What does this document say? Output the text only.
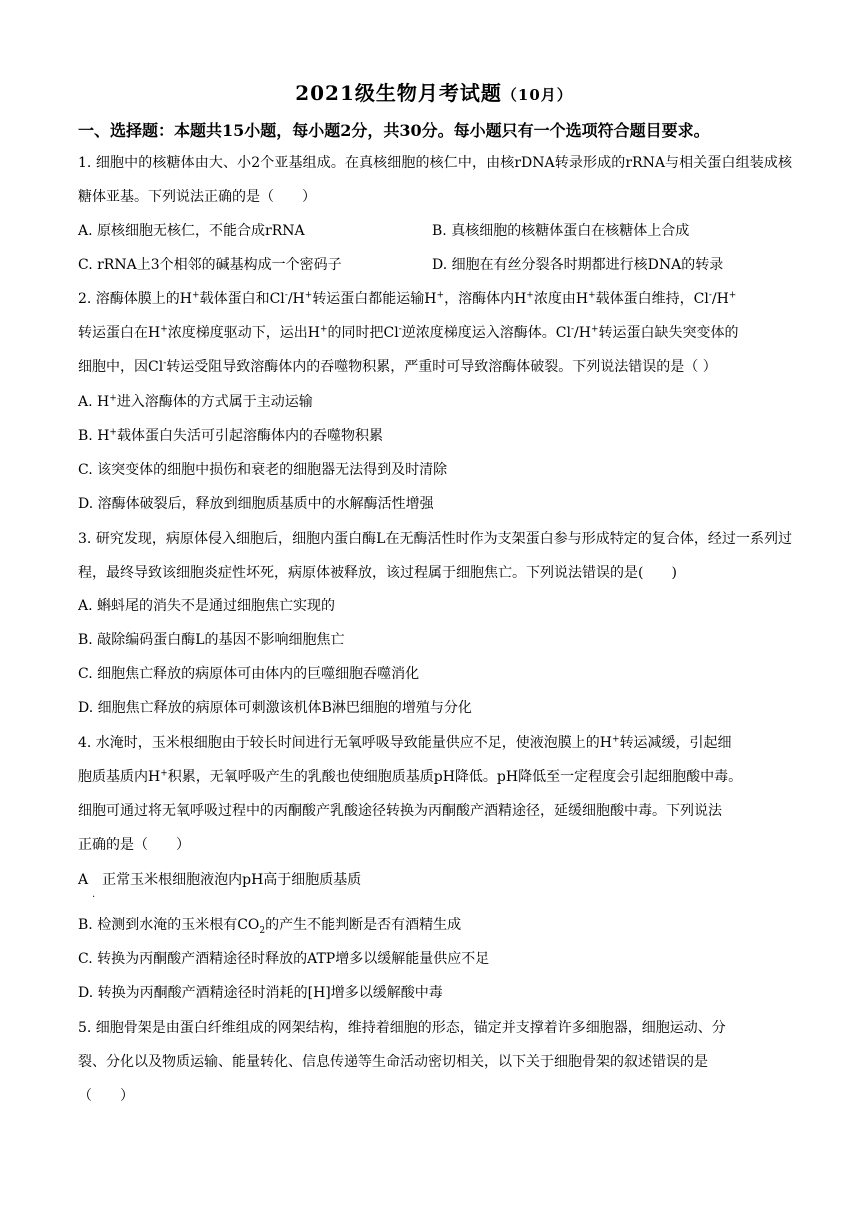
2021级生物月考试题（10月）
一、选择题：本题共15小题，每小题2分，共30分。每小题只有一个选项符合题目要求。
1. 细胞中的核糖体由大、小2个亚基组成。在真核细胞的核仁中，由核rDNA转录形成的rRNA与相关蛋白组装成核糖体亚基。下列说法正确的是（　　）
A. 原核细胞无核仁，不能合成rRNA	B. 真核细胞的核糖体蛋白在核糖体上合成
C. rRNA上3个相邻的碱基构成一个密码子	D. 细胞在有丝分裂各时期都进行核DNA的转录
2. 溶酶体膜上的H+载体蛋白和Cl-/H+转运蛋白都能运输H+，溶酶体内H+浓度由H+载体蛋白维持，Cl-/H+
转运蛋白在H+浓度梯度驱动下，运出H+的同时把Cl-逆浓度梯度运入溶酶体。Cl-/H+转运蛋白缺失突变体的
细胞中，因Cl-转运受阻导致溶酶体内的吞噬物积累，严重时可导致溶酶体破裂。下列说法错误的是（ ）
A. H+进入溶酶体的方式属于主动运输
B. H+载体蛋白失活可引起溶酶体内的吞噬物积累
C. 该突变体的细胞中损伤和衰老的细胞器无法得到及时清除
D. 溶酶体破裂后，释放到细胞质基质中的水解酶活性增强
3. 研究发现，病原体侵入细胞后，细胞内蛋白酶L在无酶活性时作为支架蛋白参与形成特定的复合体，经过一系列过程，最终导致该细胞炎症性坏死，病原体被释放，该过程属于细胞焦亡。下列说法错误的是(　　)
A. 蝌蚪尾的消失不是通过细胞焦亡实现的
B. 敲除编码蛋白酶L的基因不影响细胞焦亡
C. 细胞焦亡释放的病原体可由体内的巨噬细胞吞噬消化
D. 细胞焦亡释放的病原体可刺激该机体B淋巴细胞的增殖与分化
4. 水淹时，玉米根细胞由于较长时间进行无氧呼吸导致能量供应不足，使液泡膜上的H+转运减缓，引起细
胞质基质内H+积累，无氧呼吸产生的乳酸也使细胞质基质pH降低。pH降低至一定程度会引起细胞酸中毒。
细胞可通过将无氧呼吸过程中的丙酮酸产乳酸途径转换为丙酮酸产酒精途径，延缓细胞酸中毒。下列说法
正确的是（　　）
A　正常玉米根细胞液泡内pH高于细胞质基质
.
B. 检测到水淹的玉米根有$CO_2$的产生不能判断是否有酒精生成
C. 转换为丙酮酸产酒精途径时释放的ATP增多以缓解能量供应不足
D. 转换为丙酮酸产酒精途径时消耗的[H]增多以缓解酸中毒
5. 细胞骨架是由蛋白纤维组成的网架结构，维持着细胞的形态，锚定并支撑着许多细胞器，细胞运动、分
裂、分化以及物质运输、能量转化、信息传递等生命活动密切相关，以下关于细胞骨架的叙述错误的是
（　　）
